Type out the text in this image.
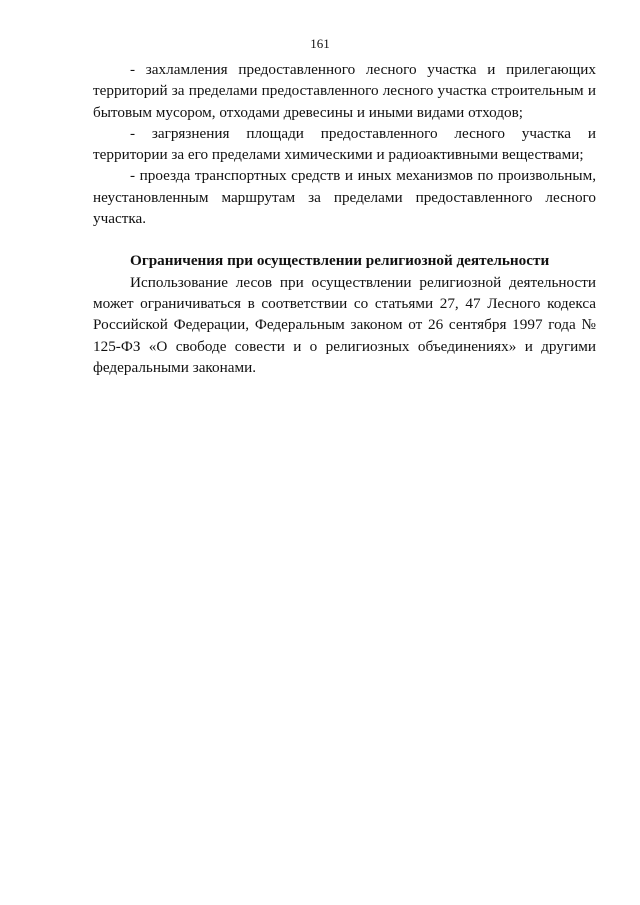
161

- захламления предоставленного лесного участка и прилегающих территорий за пределами предоставленного лесного участка строительным и бытовым мусором, отходами древесины и иными видами отходов;

- загрязнения площади предоставленного лесного участка и территории за его пределами химическими и радиоактивными веществами;

- проезда транспортных средств и иных механизмов по произвольным, неустановленным маршрутам за пределами предоставленного лесного участка.

Ограничения при осуществлении религиозной деятельности

Использование лесов при осуществлении религиозной деятельности может ограничиваться в соответствии со статьями 27, 47 Лесного кодекса Российской Федерации, Федеральным законом от 26 сентября 1997 года № 125-ФЗ «О свободе совести и о религиозных объединениях» и другими федеральными законами.
